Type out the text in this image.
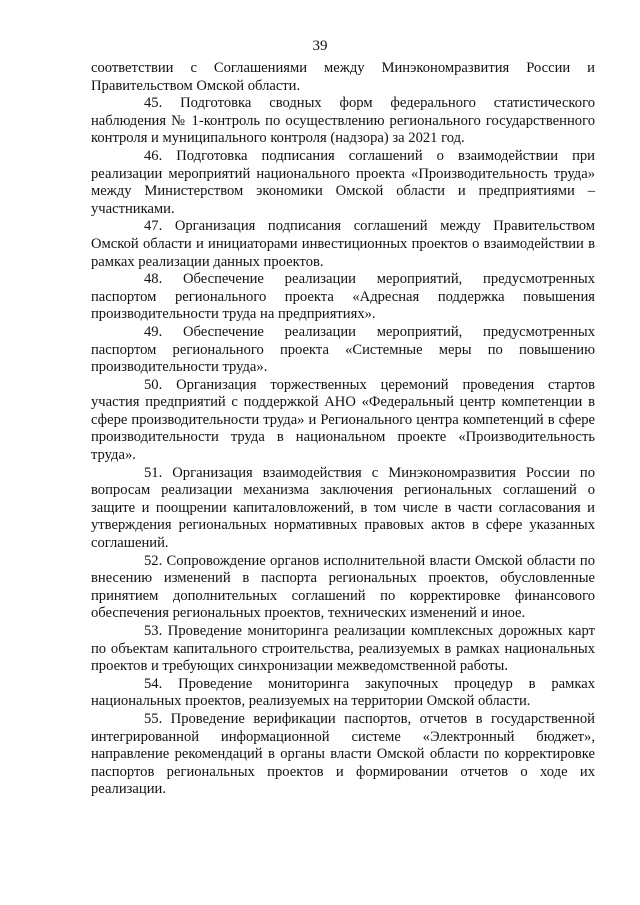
39

соответствии с Соглашениями между Минэкономразвития России и Правительством Омской области.

45. Подготовка сводных форм федерального статистического наблюдения № 1-контроль по осуществлению регионального государственного контроля и муниципального контроля (надзора) за 2021 год.

46. Подготовка подписания соглашений о взаимодействии при реализации мероприятий национального проекта «Производительность труда» между Министерством экономики Омской области и предприятиями – участниками.

47. Организация подписания соглашений между Правительством Омской области и инициаторами инвестиционных проектов о взаимодействии в рамках реализации данных проектов.

48. Обеспечение реализации мероприятий, предусмотренных паспортом регионального проекта «Адресная поддержка повышения производительности труда на предприятиях».

49. Обеспечение реализации мероприятий, предусмотренных паспортом регионального проекта «Системные меры по повышению производительности труда».

50. Организация торжественных церемоний проведения стартов участия предприятий с поддержкой АНО «Федеральный центр компетенции в сфере производительности труда» и Регионального центра компетенций в сфере производительности труда в национальном проекте «Производительность труда».

51. Организация взаимодействия с Минэкономразвития России по вопросам реализации механизма заключения региональных соглашений о защите и поощрении капиталовложений, в том числе в части согласования и утверждения региональных нормативных правовых актов в сфере указанных соглашений.

52. Сопровождение органов исполнительной власти Омской области по внесению изменений в паспорта региональных проектов, обусловленные принятием дополнительных соглашений по корректировке финансового обеспечения региональных проектов, технических изменений и иное.

53. Проведение мониторинга реализации комплексных дорожных карт по объектам капитального строительства, реализуемых в рамках национальных проектов и требующих синхронизации межведомственной работы.

54. Проведение мониторинга закупочных процедур в рамках национальных проектов, реализуемых на территории Омской области.

55. Проведение верификации паспортов, отчетов в государственной интегрированной информационной системе «Электронный бюджет», направление рекомендаций в органы власти Омской области по корректировке паспортов региональных проектов и формировании отчетов о ходе их реализации.
